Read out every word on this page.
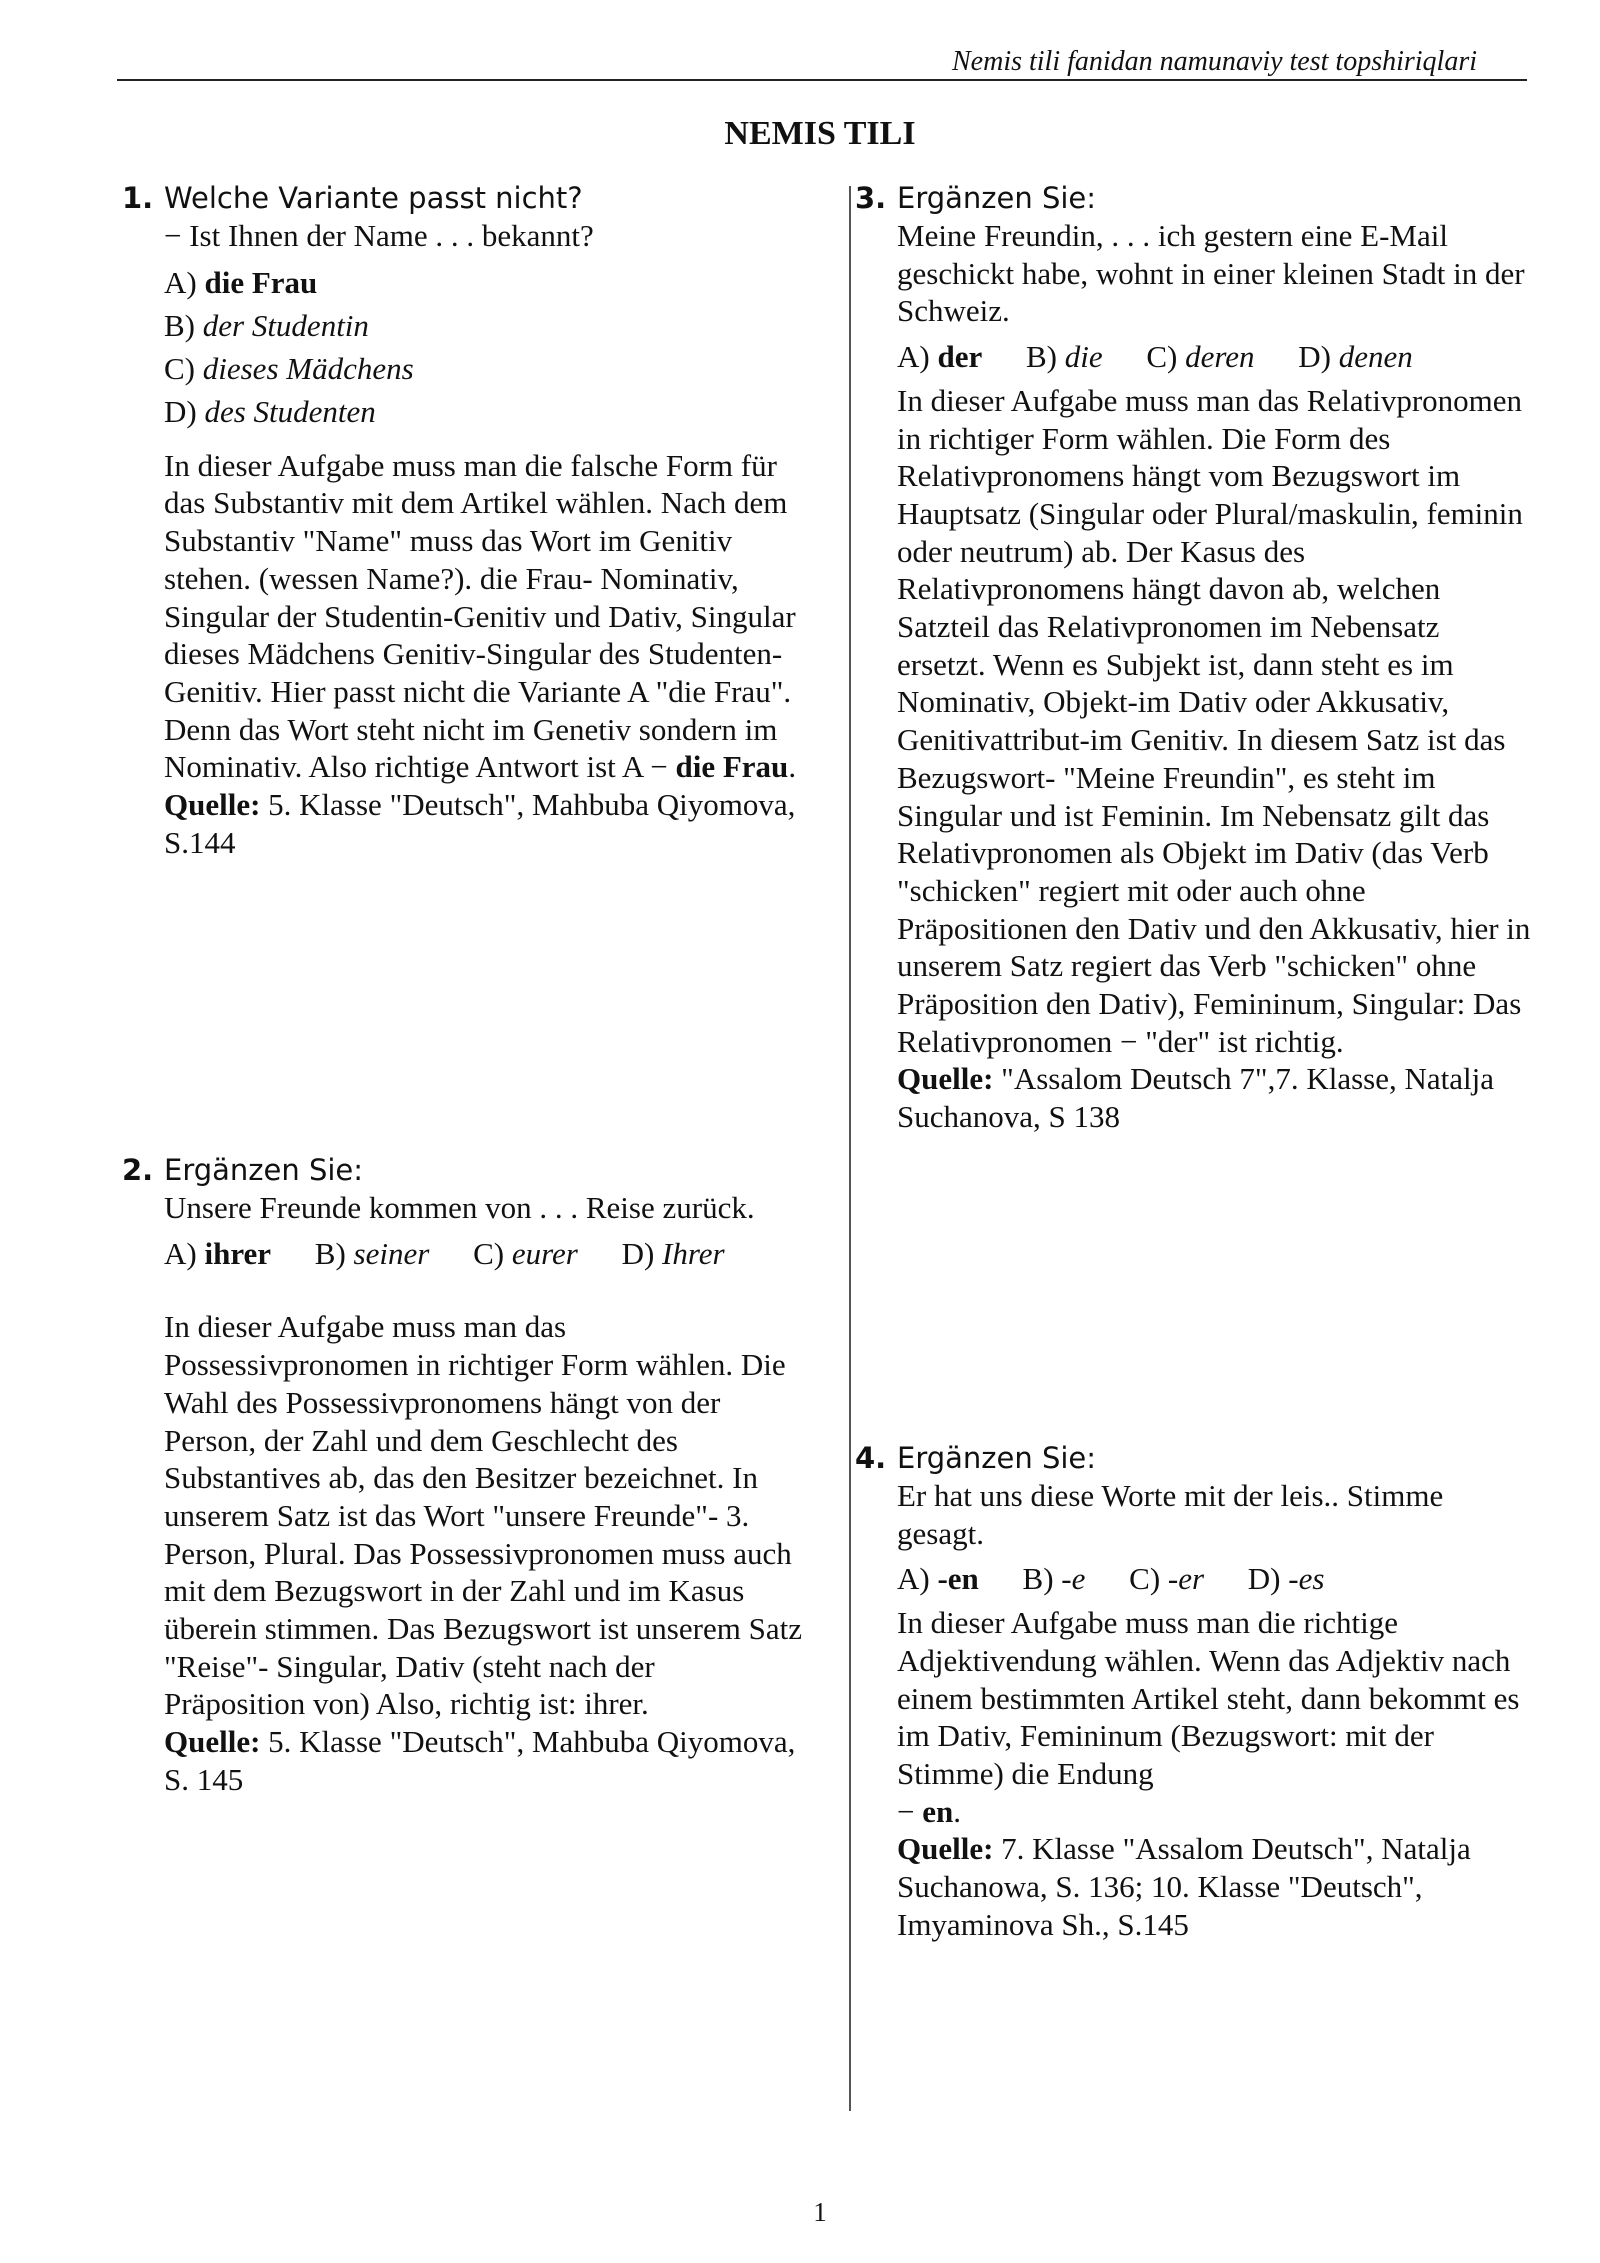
Nemis tili fanidan namunaviy test topshiriqlari
NEMIS TILI
1. Welche Variante passt nicht?

− Ist Ihnen der Name . . . bekannt?

A) die Frau
B) der Studentin
C) dieses Mädchens
D) des Studenten

In dieser Aufgabe muss man die falsche Form für das Substantiv mit dem Artikel wählen. Nach dem Substantiv "Name" muss das Wort im Genitiv stehen. (wessen Name?). die Frau- Nominativ, Singular der Studentin-Genitiv und Dativ, Singular dieses Mädchens Genitiv-Singular des Studenten-Genitiv. Hier passt nicht die Variante A "die Frau". Denn das Wort steht nicht im Genetiv sondern im Nominativ. Also richtige Antwort ist A − die Frau.

Quelle: 5. Klasse "Deutsch", Mahbuba Qiyomova, S.144

2. Ergänzen Sie:

Unsere Freunde kommen von . . . Reise zurück.

A) ihrer B) seiner C) eurer D) Ihrer

In dieser Aufgabe muss man das Possessivpronomen in richtiger Form wählen. Die Wahl des Possessivpronomens hängt von der Person, der Zahl und dem Geschlecht des Substantives ab, das den Besitzer bezeichnet. In unserem Satz ist das Wort "unsere Freunde"- 3. Person, Plural. Das Possessivpronomen muss auch mit dem Bezugswort in der Zahl und im Kasus überein stimmen. Das Bezugswort ist unserem Satz "Reise"- Singular, Dativ (steht nach der Präposition von) Also, richtig ist: ihrer.

Quelle: 5. Klasse "Deutsch", Mahbuba Qiyomova, S. 145

3. Ergänzen Sie:

Meine Freundin, . . . ich gestern eine E-Mail geschickt habe, wohnt in einer kleinen Stadt in der Schweiz.

A) der B) die C) deren D) denen

In dieser Aufgabe muss man das Relativpronomen in richtiger Form wählen. Die Form des Relativpronomens hängt vom Bezugswort im Hauptsatz (Singular oder Plural/maskulin, feminin oder neutrum) ab. Der Kasus des Relativpronomens hängt davon ab, welchen Satzteil das Relativpronomen im Nebensatz ersetzt. Wenn es Subjekt ist, dann steht es im Nominativ, Objekt-im Dativ oder Akkusativ, Genitivattribut-im Genitiv. In diesem Satz ist das Bezugswort- "Meine Freundin", es steht im Singular und ist Feminin. Im Nebensatz gilt das Relativpronomen als Objekt im Dativ (das Verb "schicken" regiert mit oder auch ohne Präpositionen den Dativ und den Akkusativ, hier in unserem Satz regiert das Verb "schicken" ohne Präposition den Dativ), Femininum, Singular: Das Relativpronomen − "der" ist richtig.

Quelle: "Assalom Deutsch 7",7. Klasse, Natalja Suchanova, S 138

4. Ergänzen Sie:

Er hat uns diese Worte mit der leis.. Stimme gesagt.

A) -en B) -e C) -er D) -es

In dieser Aufgabe muss man die richtige Adjektivendung wählen. Wenn das Adjektiv nach einem bestimmten Artikel steht, dann bekommt es im Dativ, Femininum (Bezugswort: mit der Stimme) die Endung
− en.

Quelle: 7. Klasse "Assalom Deutsch", Natalja Suchanowa, S. 136; 10. Klasse "Deutsch", Imyaminova Sh., S.145

1
